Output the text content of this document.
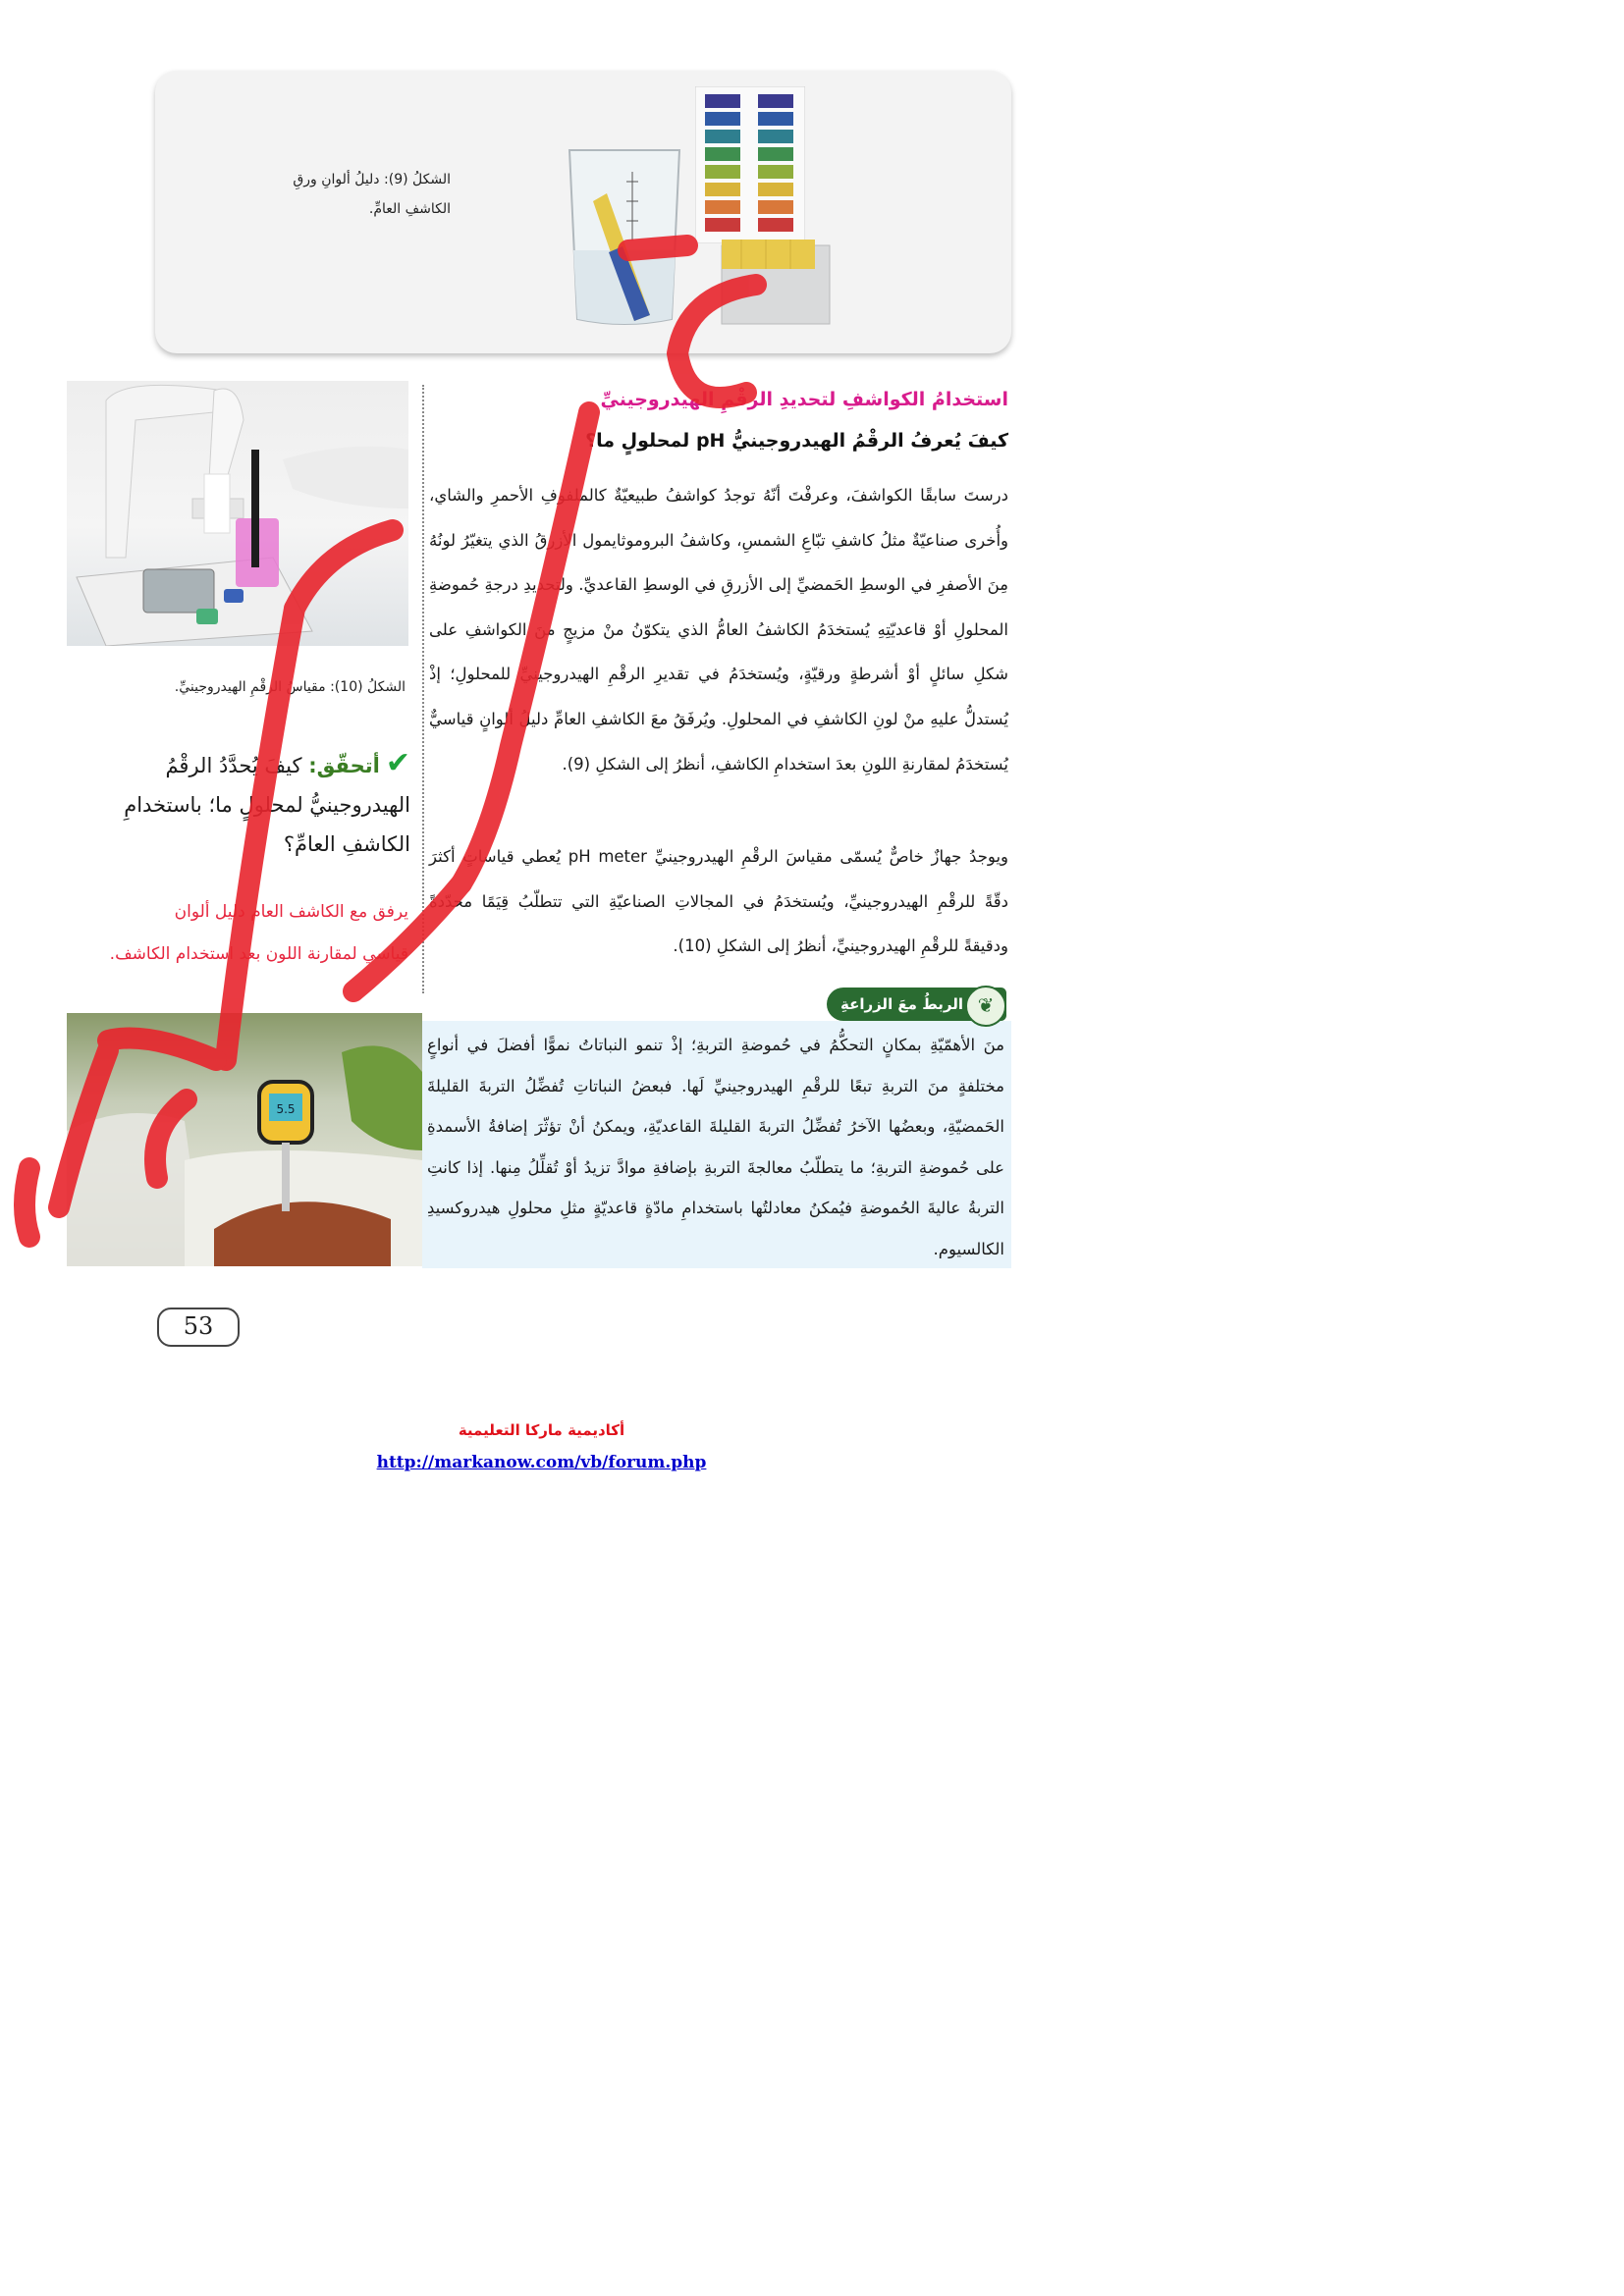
الشكلُ (9): دليلُ ألوانِ ورقِ الكاشفِ العامِّ.
استخدامُ الكواشفِ لتحديدِ الرقْمِ الهيدروجينيِّ
كيفَ يُعرفُ الرقْمُ الهيدروجينيُّ pH لمحلولٍ ما؟
درستَ سابقًا الكواشفَ، وعرفْتَ أنّهُ توجدُ كواشفُ طبيعيّةٌ كالملفوفِ الأحمرِ والشاي، وأُخرى صناعيّةٌ مثلُ كاشفِ تبّاعِ الشمسِ، وكاشفُ البروموثايمول الأزرقُ الذي يتغيّرُ لونُهُ مِنَ الأصفرِ في الوسطِ الحَمضيِّ إلى الأزرقِ في الوسطِ القاعديِّ. ولتحديدِ درجةِ حُموضةِ المحلولِ أوْ قاعديّتِهِ يُستخدَمُ الكاشفُ العامُّ الذي يتكوّنُ منْ مزيجٍ منَ الكواشفِ على شكلِ سائلٍ أوْ أشرطةٍ ورقيّةٍ، ويُستخدَمُ في تقديرِ الرقْمِ الهيدروجينيِّ للمحلولِ؛ إذْ يُستدلُّ عليهِ منْ لونِ الكاشفِ في المحلولِ. ويُرفَقُ معَ الكاشفِ العامِّ دليلُ ألوانٍ قياسيٌّ يُستخدَمُ لمقارنةِ اللونِ بعدَ استخدامِ الكاشفِ، أنظرُ إلى الشكلِ (9).
ويوجدُ جهازٌ خاصٌّ يُسمّى مقياسَ الرقْمِ الهيدروجينيِّ pH meter يُعطي قياساتٍ أكثرَ دقّةً للرقْمِ الهيدروجينيِّ، ويُستخدَمُ في المجالاتِ الصناعيّةِ التي تتطلّبُ قِيَمًا محدّدةً ودقيقةً للرقْمِ الهيدروجينيِّ، أنظرُ إلى الشكلِ (10).
الشكلُ (10): مقياسُ الرقْمِ الهيدروجينيِّ.
✔أتحقّق: كيفَ يُحدَّدُ الرقْمُ الهيدروجينيُّ لمحلولٍ ما؛ باستخدامِ الكاشفِ العامِّ؟
يرفق مع الكاشف العام دليل ألوان
قياسي لمقارنة اللون بعد استخدام الكاشف.
الربطُ معَ الزراعةِ ❦
منَ الأهمّيّةِ بمكانٍ التحكُّمُ في حُموضةِ التربةِ؛ إذْ تنمو النباتاتُ نموًّا أفضلَ في أنواعٍ مختلفةٍ منَ التربةِ تبعًا للرقْمِ الهيدروجينيِّ لَها. فبعضُ النباتاتِ تُفضِّلُ التربةَ القليلةَ الحَمضيّةِ، وبعضُها الآخرُ تُفضِّلُ التربةَ القليلةَ القاعديّةِ، ويمكنُ أنْ تؤثّرَ إضافةُ الأسمدةِ على حُموضةِ التربةِ؛ ما يتطلّبُ معالجةَ التربةِ بإضافةِ موادَّ تزيدُ أوْ تُقلِّلُ مِنها. إذا كانتِ التربةُ عاليةَ الحُموضةِ فيُمكنُ معادلتُها باستخدامِ مادّةٍ قاعديّةٍ مثلِ محلولِ هيدروكسيدِ الكالسيوم.
5.5
53
أكاديمية ماركا التعليمية
http://markanow.com/vb/forum.php
